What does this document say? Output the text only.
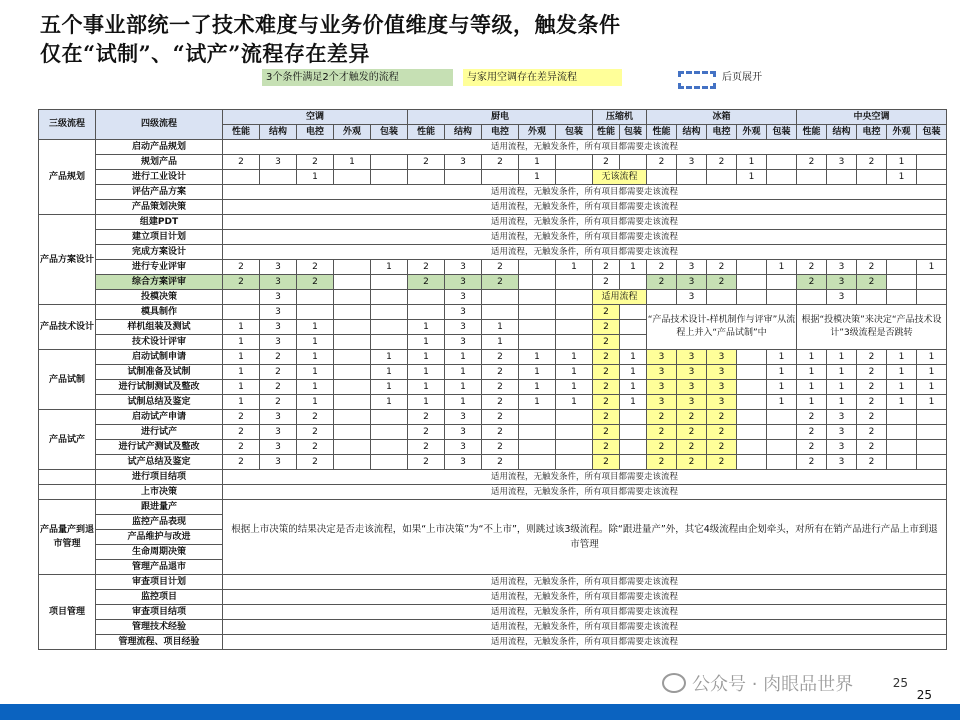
五个事业部统一了技术难度与业务价值维度与等级，触发条件
仅在“试制”、“试产”流程存在差异
3个条件满足2个才触发的流程	与家用空调存在差异流程	后页展开
三级流程	四级流程	空调					厨电					压缩机		冰箱					中央空调				
		性能	结构	电控	外观	包装	性能	结构	电控	外观	包装	性能	包装	性能	结构	电控	外观	包装	性能	结构	电控	外观	包装
产品规划	启动产品规划	适用流程，无触发条件，所有项目都需要走该流程																					
	规划产品	2	3	2	1		2	3	2	1		2		2	3	2	1		2	3	2	1	
	进行工业设计			1						1		无该流程					1					1	
	评估产品方案	适用流程，无触发条件，所有项目都需要走该流程																					
	产品策划决策	适用流程，无触发条件，所有项目都需要走该流程																					
产品方案设计	组建PDT	适用流程，无触发条件，所有项目都需要走该流程																					
	建立项目计划	适用流程，无触发条件，所有项目都需要走该流程																					
	完成方案设计	适用流程，无触发条件，所有项目都需要走该流程																					
	进行专业评审	2	3	2		1	2	3	2		1	2	1	2	3	2		1	2	3	2		1
	综合方案评审	2	3	2			2	3	2			2		2	3	2			2	3	2		
	投模决策		3					3				适用流程			3					3			
产品技术设计	模具制作		3					3				2		“产品技术设计-样机制作与评审”从流程上并入“产品试制”中					根据“投模决策”来决定“产品技术设计”3级流程是否跳转				
	样机组装及测试	1	3	1			1	3	1			2											
	技术设计评审	1	3	1			1	3	1			2											
产品试制	启动试制申请	1	2	1		1	1	1	2	1	1	2	1	3	3	3		1	1	1	2	1	1
	试制准备及试制	1	2	1		1	1	1	2	1	1	2	1	3	3	3		1	1	1	2	1	1
	进行试制测试及整改	1	2	1		1	1	1	2	1	1	2	1	3	3	3		1	1	1	2	1	1
	试制总结及鉴定	1	2	1		1	1	1	2	1	1	2	1	3	3	3		1	1	1	2	1	1
产品试产	启动试产申请	2	3	2			2	3	2			2		2	2	2			2	3	2		
	进行试产	2	3	2			2	3	2			2		2	2	2			2	3	2		
	进行试产测试及整改	2	3	2			2	3	2			2		2	2	2			2	3	2		
	试产总结及鉴定	2	3	2			2	3	2			2		2	2	2			2	3	2		
	进行项目结项	适用流程，无触发条件，所有项目都需要走该流程																					
	上市决策	适用流程，无触发条件，所有项目都需要走该流程																					
产品量产到退市管理	跟进量产	根据上市决策的结果决定是否走该流程，如果“上市决策”为“不上市”，则跳过该3级流程。除“跟进量产”外，其它4级流程由企划牵头，对所有在销产品进行产品上市到退市管理																					
	监控产品表现																						
	产品维护与改进																						
	生命周期决策																						
	管理产品退市																						
项目管理	审查项目计划	适用流程，无触发条件，所有项目都需要走该流程																					
	监控项目	适用流程，无触发条件，所有项目都需要走该流程																					
	审查项目结项	适用流程，无触发条件，所有项目都需要走该流程																					
	管理技术经验	适用流程，无触发条件，所有项目都需要走该流程																					
	管理流程、项目经验	适用流程，无触发条件，所有项目都需要走该流程																					
公众号 · 肉眼品世界	25
25
